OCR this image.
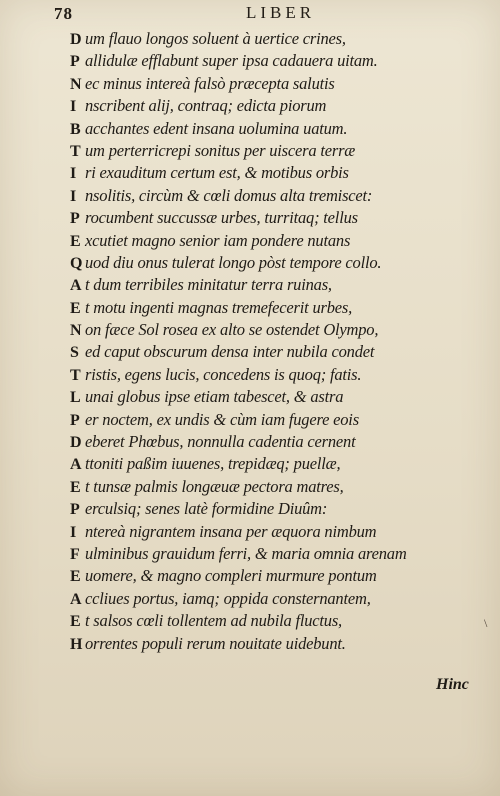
78	LIBER
D um flauo longos soluent à uertice crines,
P allidulæ efflabunt super ipsa cadauera uitam.
N ec minus intereà falsò præcepta salutis
I nscribent alij, contraq; edicta piorum
B acchantes edent insana uolumina uatum.
T um perterricrepi sonitus per uiscera terræ
I ri exauditum certum est, & motibus orbis
I nsolitis, circùm & cœli domus alta tremiscet:
P rocumbent succussæ urbes, turritaq; tellus
E xcutiet magno senior iam pondere nutans
Q uod diu onus tulerat longo pòst tempore collo.
A t dum terribiles minitatur terra ruinas,
E t motu ingenti magnas tremefecerit urbes,
N on fæce Sol rosea ex alto se ostendet Olympo,
S ed caput obscurum densa inter nubila condet
T ristis, egens lucis, concedens is quoq; fatis.
L unai globus ipse etiam tabescet, & astra
P er noctem, ex undis & cùm iam fugere eois
D eberet Phœbus, nonnulla cadentia cernent
A ttoniti paßim iuuenes, trepidæq; puellæ,
E t tunsæ palmis longæuæ pectora matres,
P erculsiq; senes latè formidine Diuûm:
I ntereà nigrantem insana per æquora nimbum
F ulminibus grauidum ferri, & maria omnia arenam
E uomere, & magno compleri murmure pontum
A ccliues portus, iamq; oppida consternantem,
E t salsos cœli tollentem ad nubila fluctus,
H orrentes populi rerum nouitate uidebunt.
\
Hinc
